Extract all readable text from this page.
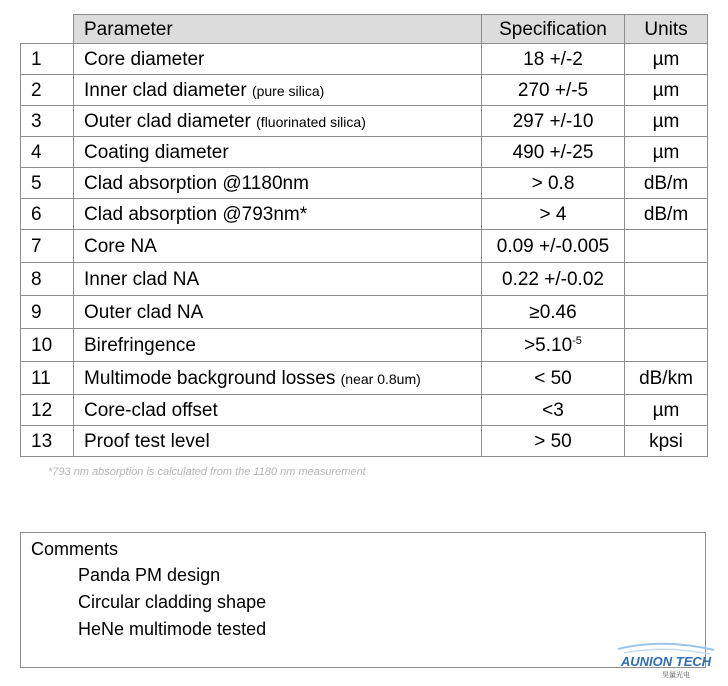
	Parameter	Specification	Units
1	Core diameter	18 +/-2	µm
2	Inner clad diameter (pure silica)	270 +/-5	µm
3	Outer clad diameter (fluorinated silica)	297 +/-10	µm
4	Coating diameter	490 +/-25	µm
5	Clad absorption @1180nm	> 0.8	dB/m
6	Clad absorption @793nm*	> 4	dB/m
7	Core NA	0.09 +/-0.005	
8	Inner clad NA	0.22 +/-0.02	
9	Outer clad NA	≥0.46	
10	Birefringence	$>5.10^{-5}$	
11	Multimode background losses (near 0.8um)	< 50	dB/km
12	Core-clad offset	<3	µm
13	Proof test level	> 50	kpsi

*793 nm absorption is calculated from the 1180 nm measurement

Comments

Panda PM design
Circular cladding shape
HeNe multimode tested
AUNION TECH
昊量光电
